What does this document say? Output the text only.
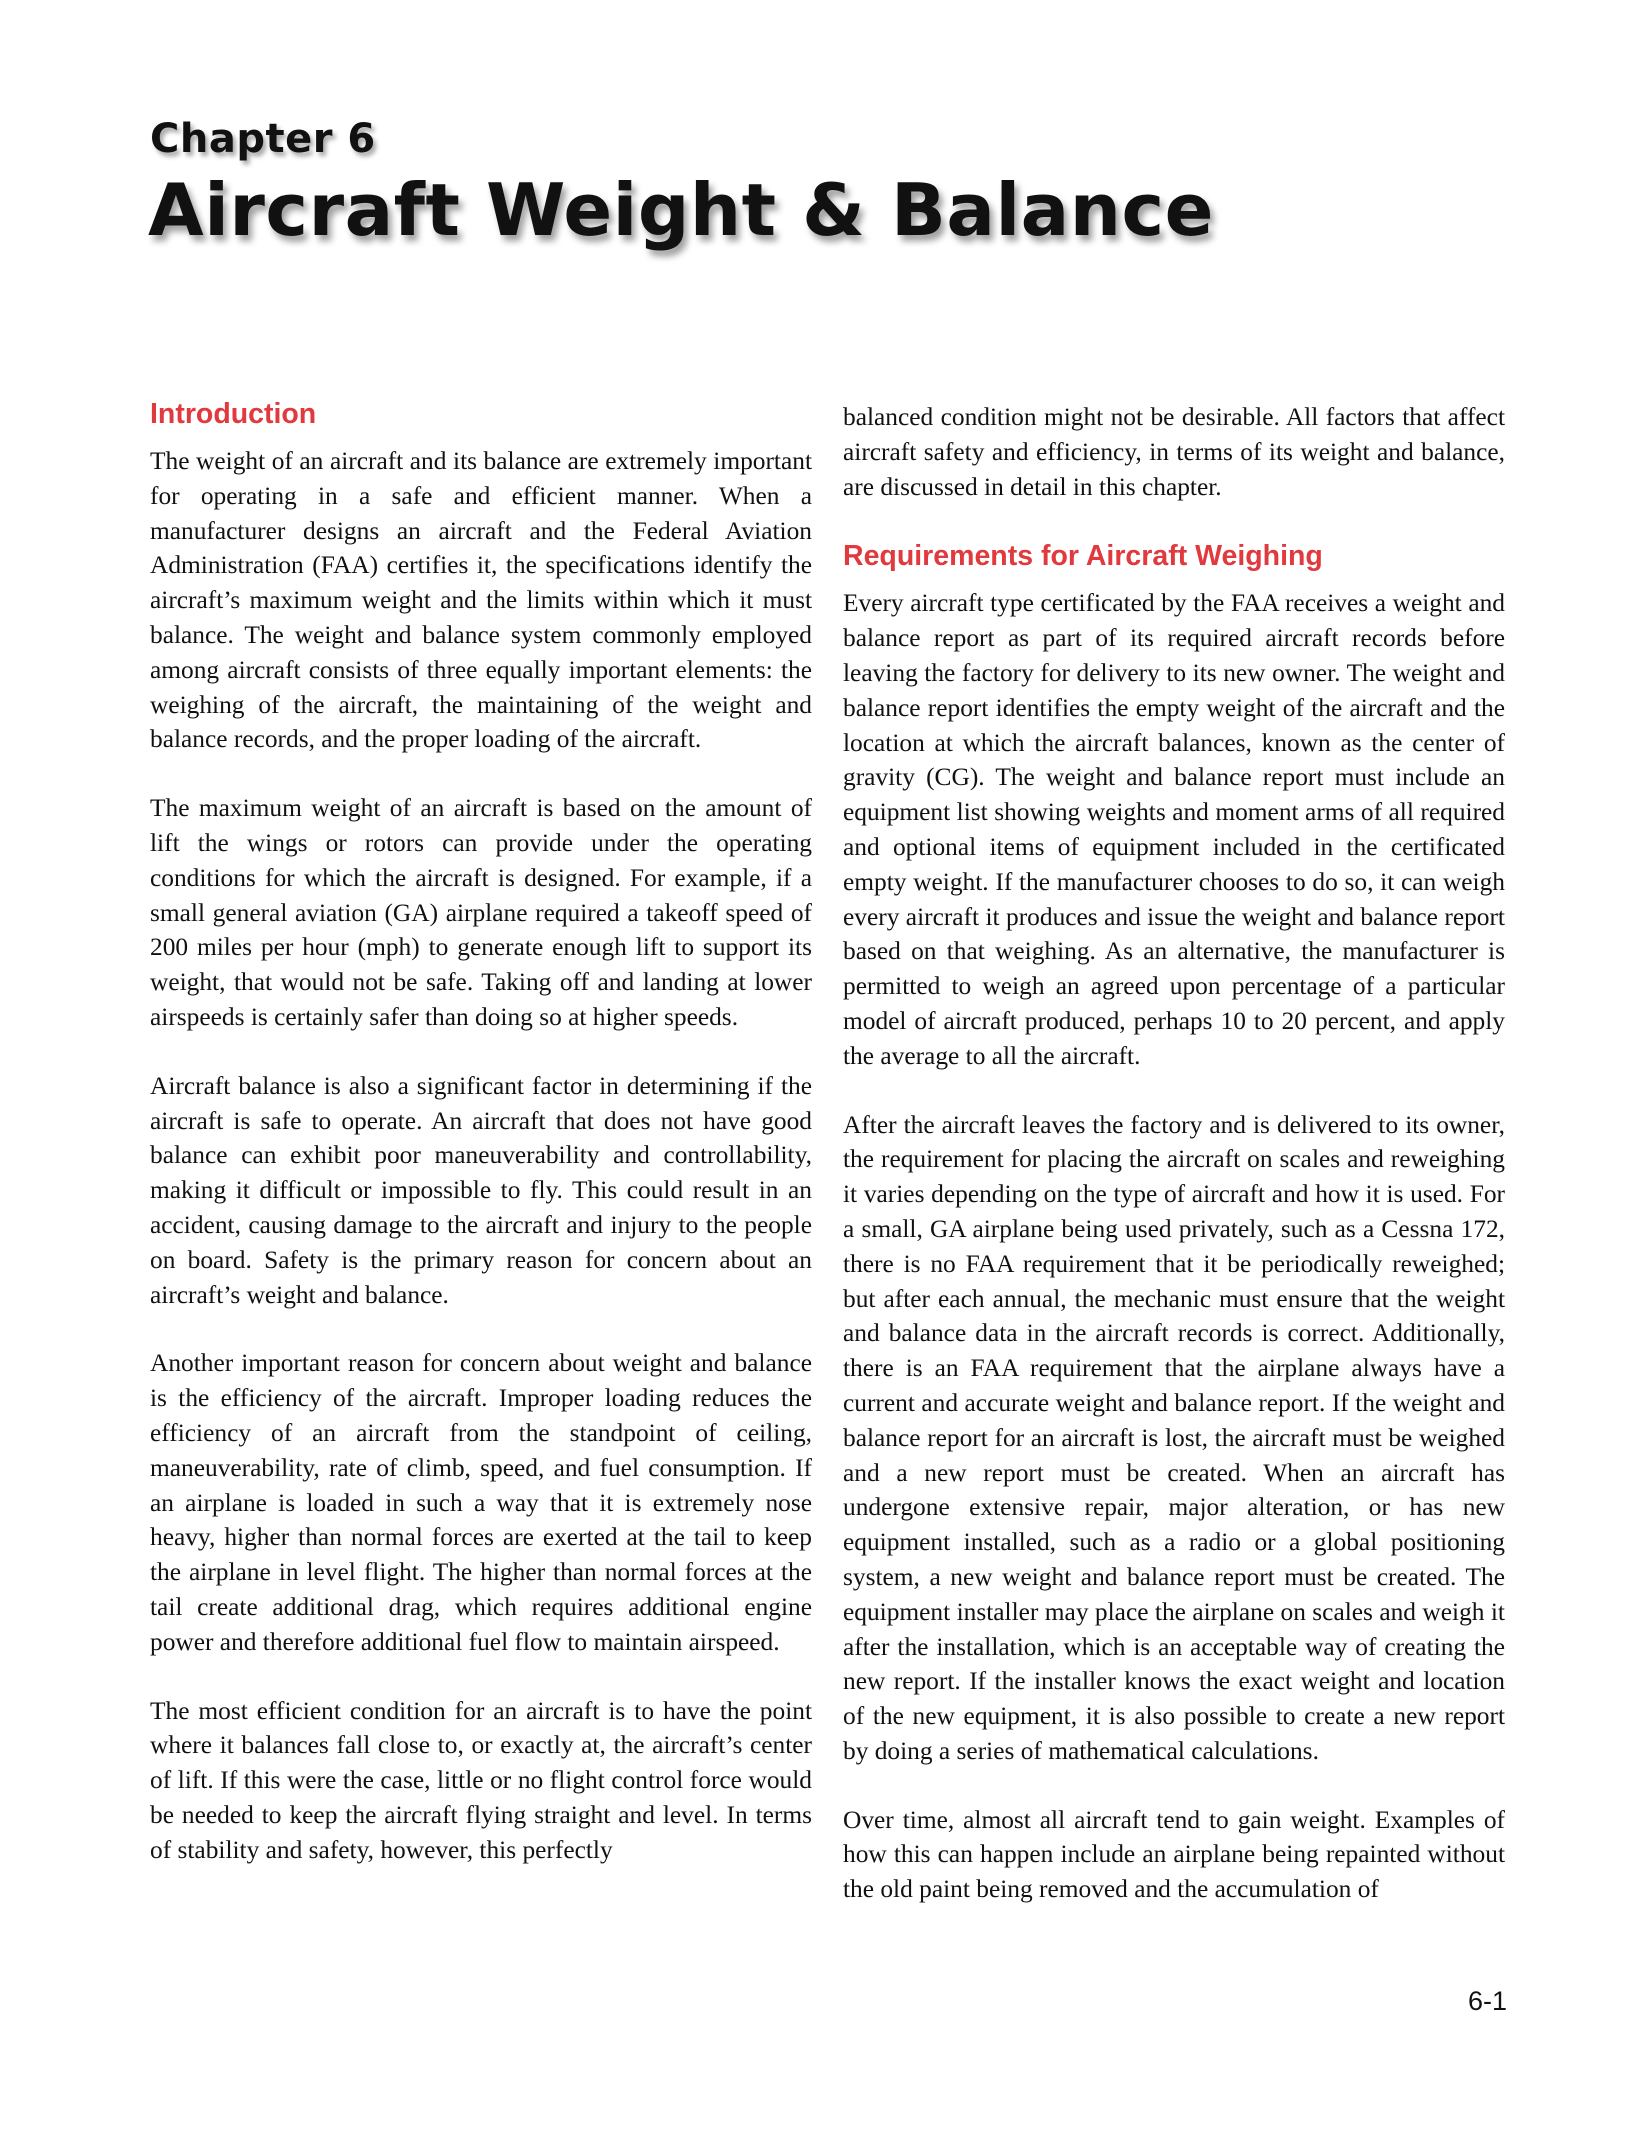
Chapter 6
Aircraft Weight & Balance
Introduction

The weight of an aircraft and its balance are extremely important for operating in a safe and efficient manner. When a manufacturer designs an aircraft and the Federal Aviation Administration (FAA) certifies it, the specifications identify the aircraft’s maximum weight and the limits within which it must balance. The weight and balance system commonly employed among aircraft consists of three equally important elements: the weighing of the aircraft, the maintaining of the weight and balance records, and the proper loading of the aircraft.

The maximum weight of an aircraft is based on the amount of lift the wings or rotors can provide under the operating conditions for which the aircraft is designed. For example, if a small general aviation (GA) airplane required a takeoff speed of 200 miles per hour (mph) to generate enough lift to support its weight, that would not be safe. Taking off and landing at lower airspeeds is certainly safer than doing so at higher speeds.

Aircraft balance is also a significant factor in determining if the aircraft is safe to operate. An aircraft that does not have good balance can exhibit poor maneuverability and controllability, making it difficult or impossible to fly. This could result in an accident, causing damage to the aircraft and injury to the people on board. Safety is the primary reason for concern about an aircraft’s weight and balance.

Another important reason for concern about weight and balance is the efficiency of the aircraft. Improper loading reduces the efficiency of an aircraft from the standpoint of ceiling, maneuverability, rate of climb, speed, and fuel consumption. If an airplane is loaded in such a way that it is extremely nose heavy, higher than normal forces are exerted at the tail to keep the airplane in level flight. The higher than normal forces at the tail create additional drag, which requires additional engine power and therefore additional fuel flow to maintain airspeed.

The most efficient condition for an aircraft is to have the point where it balances fall close to, or exactly at, the aircraft’s center of lift. If this were the case, little or no flight control force would be needed to keep the aircraft flying straight and level. In terms of stability and safety, however, this perfectly

balanced condition might not be desirable. All factors that affect aircraft safety and efficiency, in terms of its weight and balance, are discussed in detail in this chapter.

Requirements for Aircraft Weighing

Every aircraft type certificated by the FAA receives a weight and balance report as part of its required aircraft records before leaving the factory for delivery to its new owner. The weight and balance report identifies the empty weight of the aircraft and the location at which the aircraft balances, known as the center of gravity (CG). The weight and balance report must include an equipment list showing weights and moment arms of all required and optional items of equipment included in the certificated empty weight. If the manufacturer chooses to do so, it can weigh every aircraft it produces and issue the weight and balance report based on that weighing. As an alternative, the manufacturer is permitted to weigh an agreed upon percentage of a particular model of aircraft produced, perhaps 10 to 20 percent, and apply the average to all the aircraft.

After the aircraft leaves the factory and is delivered to its owner, the requirement for placing the aircraft on scales and reweighing it varies depending on the type of aircraft and how it is used. For a small, GA airplane being used privately, such as a Cessna 172, there is no FAA requirement that it be periodically reweighed; but after each annual, the mechanic must ensure that the weight and balance data in the aircraft records is correct. Additionally, there is an FAA requirement that the airplane always have a current and accurate weight and balance report. If the weight and balance report for an aircraft is lost, the aircraft must be weighed and a new report must be created. When an aircraft has undergone extensive repair, major alteration, or has new equipment installed, such as a radio or a global positioning system, a new weight and balance report must be created. The equipment installer may place the airplane on scales and weigh it after the installation, which is an acceptable way of creating the new report. If the installer knows the exact weight and location of the new equipment, it is also possible to create a new report by doing a series of mathematical calculations.

Over time, almost all aircraft tend to gain weight. Examples of how this can happen include an airplane being repainted without the old paint being removed and the accumulation of

6-1
